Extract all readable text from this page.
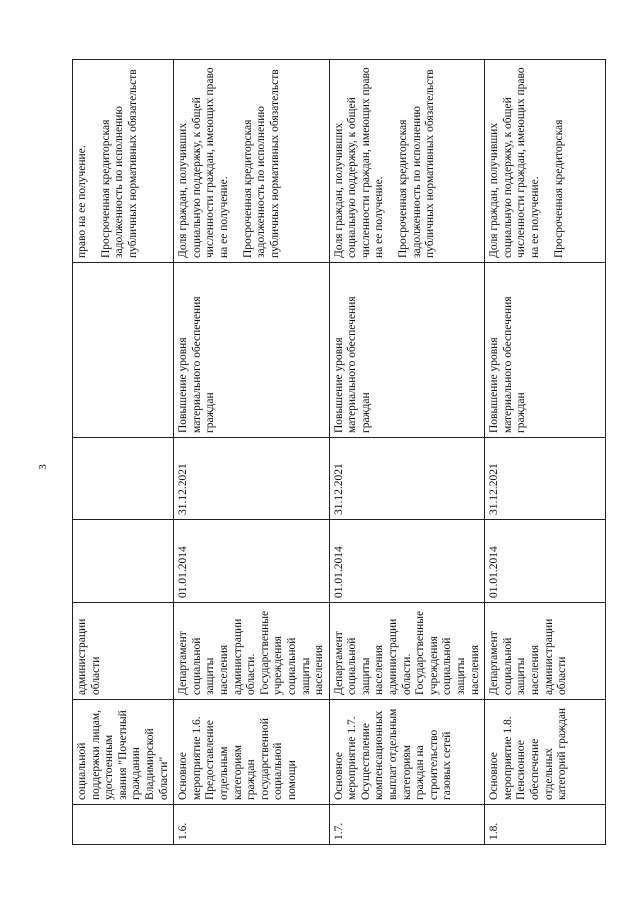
3
	социальной поддержки лицам, удостоенным звания "Почетный гражданин Владимирской области"	администрации области				право на ее получение. Просроченная кредиторская задолженность по исполнению публичных нормативных обязательств

1.6.	Основное мероприятие 1.6. Предоставление отдельным категориям граждан государственной социальной помощи	Департамент социальной защиты населения администрации области. Государственные учреждения социальной защиты населения	01.01.2014	31.12.2021	Повышение уровня материального обеспечения граждан	Доля граждан, получивших социальную поддержку, к общей численности граждан, имеющих право на ее получение. Просроченная кредиторская задолженность по исполнению публичных нормативных обязательств

1.7.	Основное мероприятие 1.7. Осуществление компенсационных выплат отдельным категориям граждан на строительство газовых сетей	Департамент социальной защиты населения администрации области. Государственные учреждения социальной защиты населения	01.01.2014	31.12.2021	Повышение уровня материального обеспечения граждан	Доля граждан, получивших социальную поддержку, к общей численности граждан, имеющих право на ее получение. Просроченная кредиторская задолженность по исполнению публичных нормативных обязательств

1.8.	Основное мероприятие 1.8. Пенсионное обеспечение отдельных категорий граждан	Департамент социальной защиты населения администрации области	01.01.2014	31.12.2021	Повышение уровня материального обеспечения граждан	Доля граждан, получивших социальную поддержку, к общей численности граждан, имеющих право на ее получение. Просроченная кредиторская
